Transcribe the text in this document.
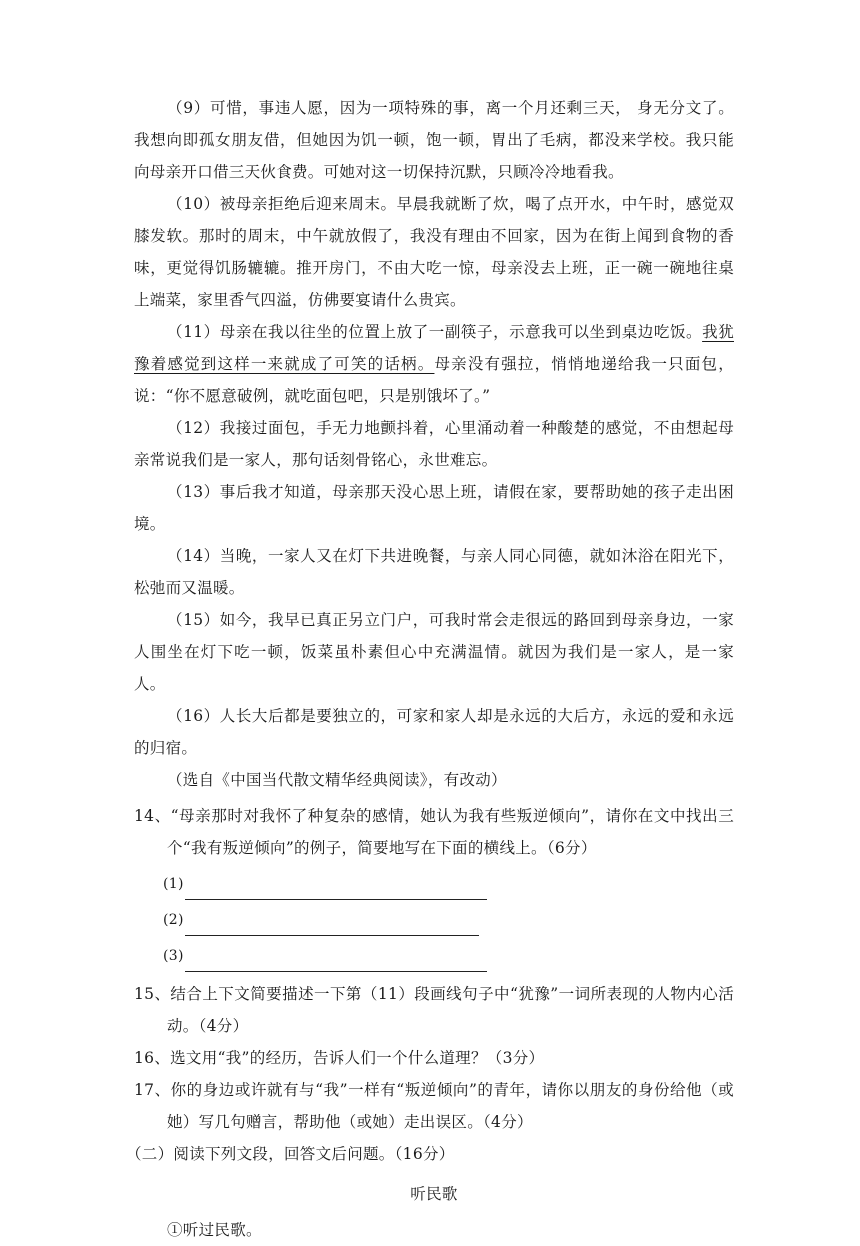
（9）可惜，事违人愿，因为一项特殊的事，离一个月还剩三天， 身无分文了。我想向即孤女朋友借，但她因为饥一顿，饱一顿，胃出了毛病，都没来学校。我只能向母亲开口借三天伙食费。可她对这一切保持沉默，只顾冷冷地看我。

（10）被母亲拒绝后迎来周末。早晨我就断了炊，喝了点开水，中午时，感觉双膝发软。那时的周末，中午就放假了，我没有理由不回家，因为在街上闻到食物的香味，更觉得饥肠辘辘。推开房门，不由大吃一惊，母亲没去上班，正一碗一碗地往桌上端菜，家里香气四溢，仿佛要宴请什么贵宾。

（11）母亲在我以往坐的位置上放了一副筷子，示意我可以坐到桌边吃饭。我犹豫着感觉到这样一来就成了可笑的话柄。母亲没有强拉，悄悄地递给我一只面包，说：“你不愿意破例，就吃面包吧，只是别饿坏了。”

（12）我接过面包，手无力地颤抖着，心里涌动着一种酸楚的感觉，不由想起母亲常说我们是一家人，那句话刻骨铭心，永世难忘。

（13）事后我才知道，母亲那天没心思上班，请假在家，要帮助她的孩子走出困境。

（14）当晚，一家人又在灯下共进晚餐，与亲人同心同德，就如沐浴在阳光下，松弛而又温暖。

（15）如今，我早已真正另立门户，可我时常会走很远的路回到母亲身边，一家人围坐在灯下吃一顿，饭菜虽朴素但心中充满温情。就因为我们是一家人，是一家人。

（16）人长大后都是要独立的，可家和家人却是永远的大后方，永远的爱和永远的归宿。

（选自《中国当代散文精华经典阅读》，有改动）

14、“母亲那时对我怀了种复杂的感情，她认为我有些叛逆倾向”，请你在文中找出三个“我有叛逆倾向”的例子，简要地写在下面的横线上。（6分）

(1)
(2)
(3)

15、结合上下文简要描述一下第（11）段画线句子中“犹豫”一词所表现的人物内心活动。（4分）

16、选文用“我”的经历，告诉人们一个什么道理？（3分）

17、你的身边或许就有与“我”一样有“叛逆倾向”的青年，请你以朋友的身份给他（或她）写几句赠言，帮助他（或她）走出误区。（4分）

（二）阅读下列文段，回答文后问题。（16分）

听民歌

①听过民歌。
